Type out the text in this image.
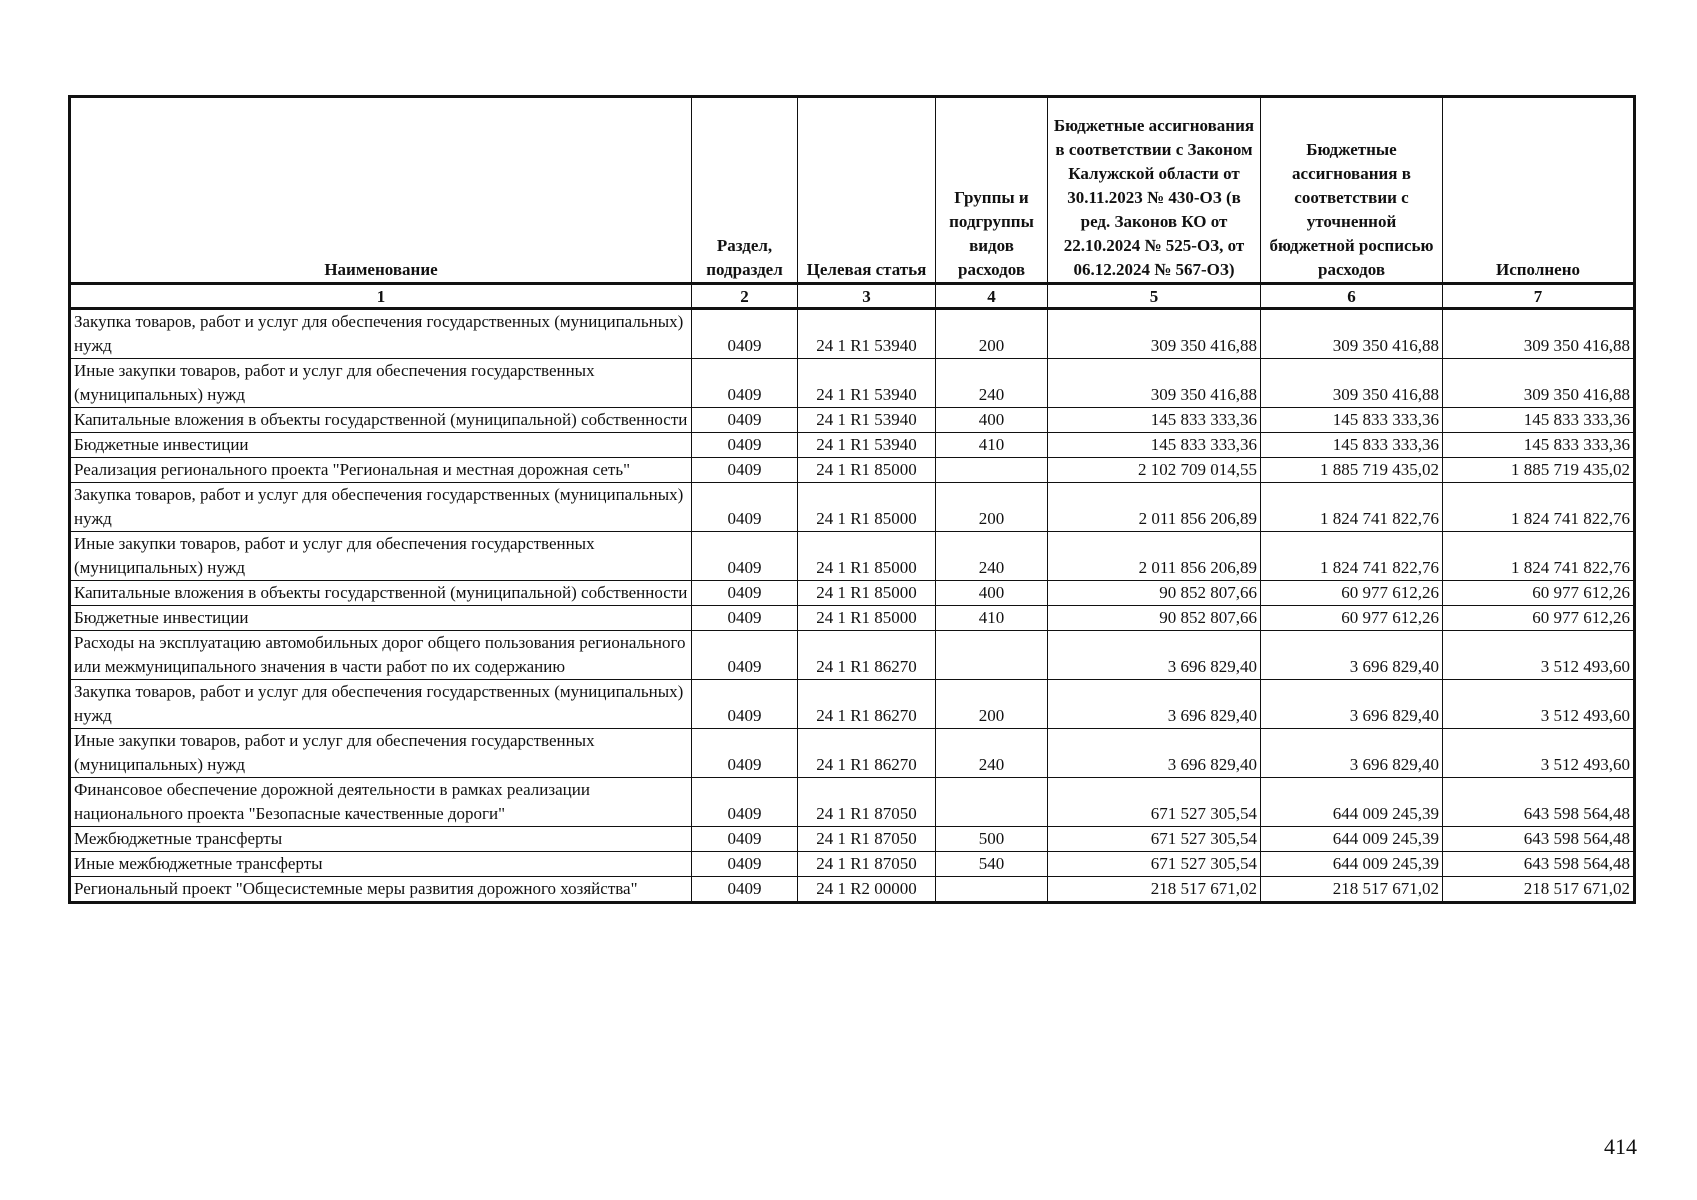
Наименование	Раздел, подраздел	Целевая статья	Группы и подгруппы видов расходов	Бюджетные ассигнования в соответствии с Законом Калужской области от 30.11.2023 № 430-ОЗ (в ред. Законов КО от 22.10.2024 № 525-ОЗ, от 06.12.2024 № 567-ОЗ)	Бюджетные ассигнования в соответствии с уточненной бюджетной росписью расходов	Исполнено
1	2	3	4	5	6	7
Закупка товаров, работ и услуг для обеспечения государственных (муниципальных) нужд	0409	24 1 R1 53940	200	309 350 416,88	309 350 416,88	309 350 416,88
Иные закупки товаров, работ и услуг для обеспечения государственных (муниципальных) нужд	0409	24 1 R1 53940	240	309 350 416,88	309 350 416,88	309 350 416,88
Капитальные вложения в объекты государственной (муниципальной) собственности	0409	24 1 R1 53940	400	145 833 333,36	145 833 333,36	145 833 333,36
Бюджетные инвестиции	0409	24 1 R1 53940	410	145 833 333,36	145 833 333,36	145 833 333,36
Реализация регионального проекта "Региональная и местная дорожная сеть"	0409	24 1 R1 85000		2 102 709 014,55	1 885 719 435,02	1 885 719 435,02
Закупка товаров, работ и услуг для обеспечения государственных (муниципальных) нужд	0409	24 1 R1 85000	200	2 011 856 206,89	1 824 741 822,76	1 824 741 822,76
Иные закупки товаров, работ и услуг для обеспечения государственных (муниципальных) нужд	0409	24 1 R1 85000	240	2 011 856 206,89	1 824 741 822,76	1 824 741 822,76
Капитальные вложения в объекты государственной (муниципальной) собственности	0409	24 1 R1 85000	400	90 852 807,66	60 977 612,26	60 977 612,26
Бюджетные инвестиции	0409	24 1 R1 85000	410	90 852 807,66	60 977 612,26	60 977 612,26
Расходы на эксплуатацию автомобильных дорог общего пользования регионального или межмуниципального значения в части работ по их содержанию	0409	24 1 R1 86270		3 696 829,40	3 696 829,40	3 512 493,60
Закупка товаров, работ и услуг для обеспечения государственных (муниципальных) нужд	0409	24 1 R1 86270	200	3 696 829,40	3 696 829,40	3 512 493,60
Иные закупки товаров, работ и услуг для обеспечения государственных (муниципальных) нужд	0409	24 1 R1 86270	240	3 696 829,40	3 696 829,40	3 512 493,60
Финансовое обеспечение дорожной деятельности в рамках реализации национального проекта "Безопасные качественные дороги"	0409	24 1 R1 87050		671 527 305,54	644 009 245,39	643 598 564,48
Межбюджетные трансферты	0409	24 1 R1 87050	500	671 527 305,54	644 009 245,39	643 598 564,48
Иные межбюджетные трансферты	0409	24 1 R1 87050	540	671 527 305,54	644 009 245,39	643 598 564,48
Региональный проект "Общесистемные меры развития дорожного хозяйства"	0409	24 1 R2 00000		218 517 671,02	218 517 671,02	218 517 671,02
414
